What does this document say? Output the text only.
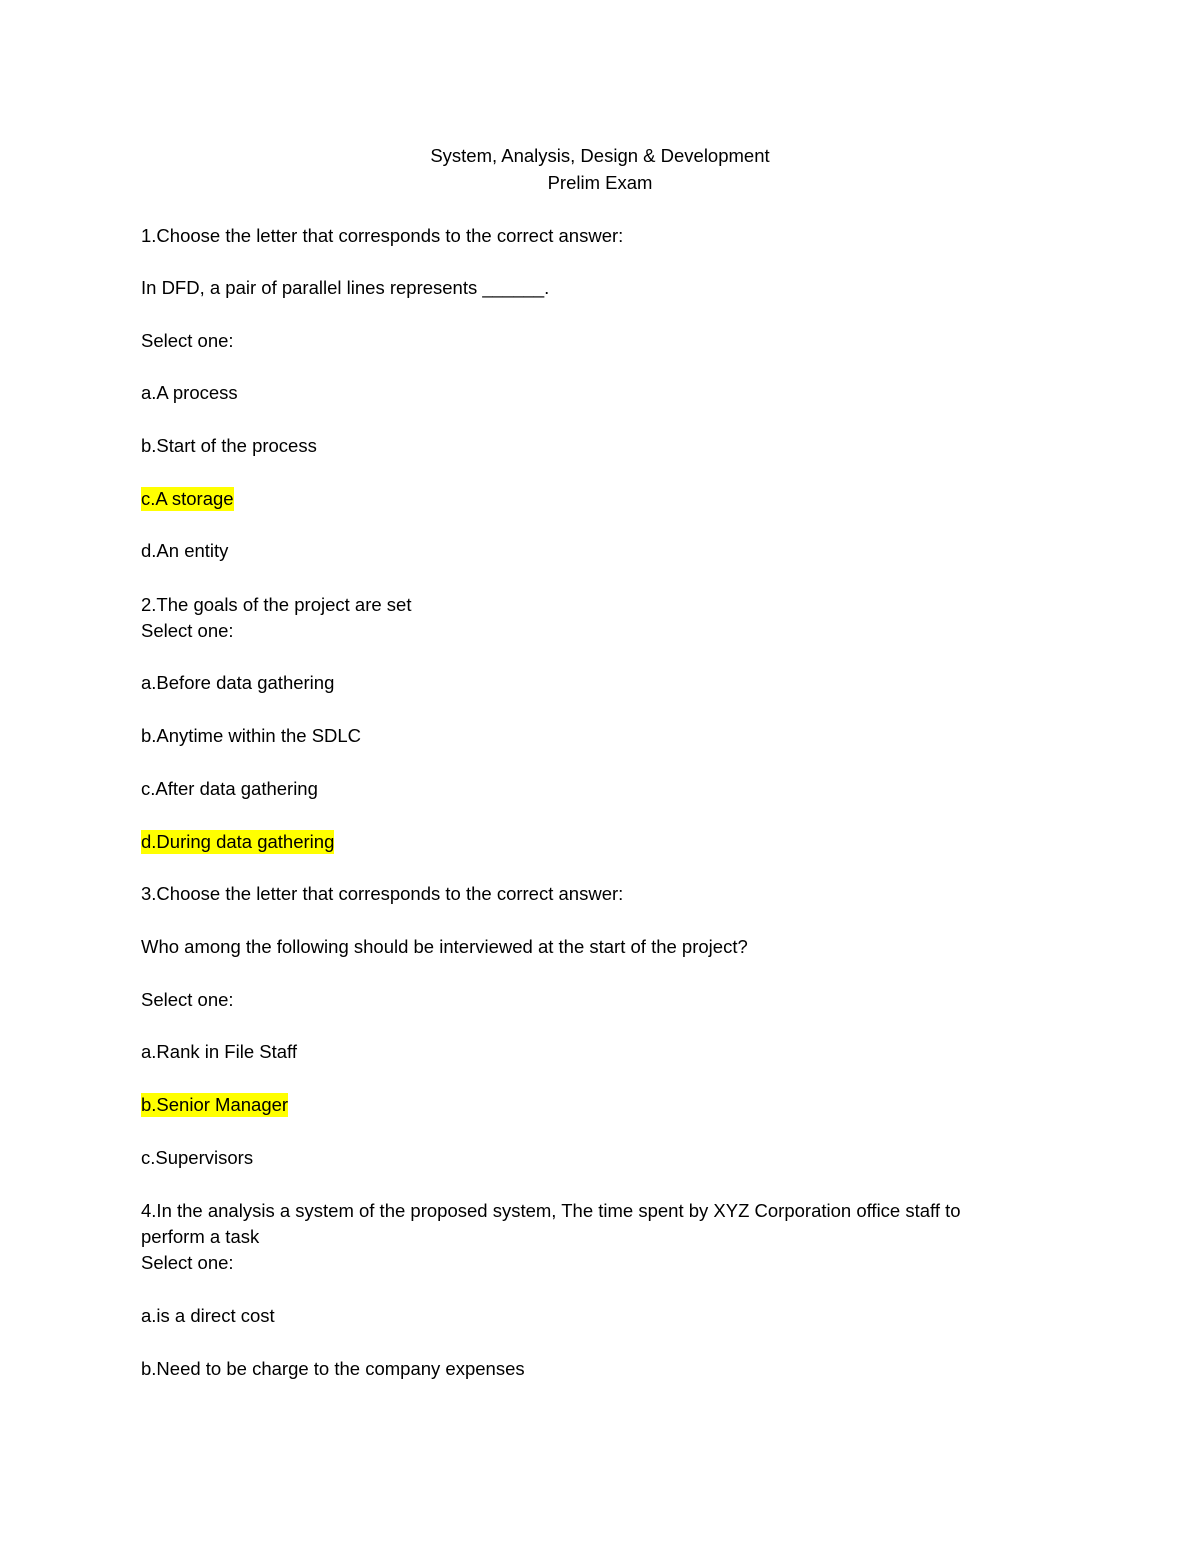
System, Analysis, Design & Development
Prelim Exam
1.Choose the letter that corresponds to the correct answer:
In DFD, a pair of parallel lines represents ______.
Select one:
a.A process
b.Start of the process
c.A storage
d.An entity
2.The goals of the project are set
Select one:
a.Before data gathering
b.Anytime within the SDLC
c.After data gathering
d.During data gathering
3.Choose the letter that corresponds to the correct answer:
Who among the following should be interviewed at the start of the project?
Select one:
a.Rank in File Staff
b.Senior Manager
c.Supervisors
4.In the analysis a system of the proposed system, The time spent by XYZ Corporation office staff to
perform a task
Select one:
a.is a direct cost
b.Need to be charge to the company expenses
